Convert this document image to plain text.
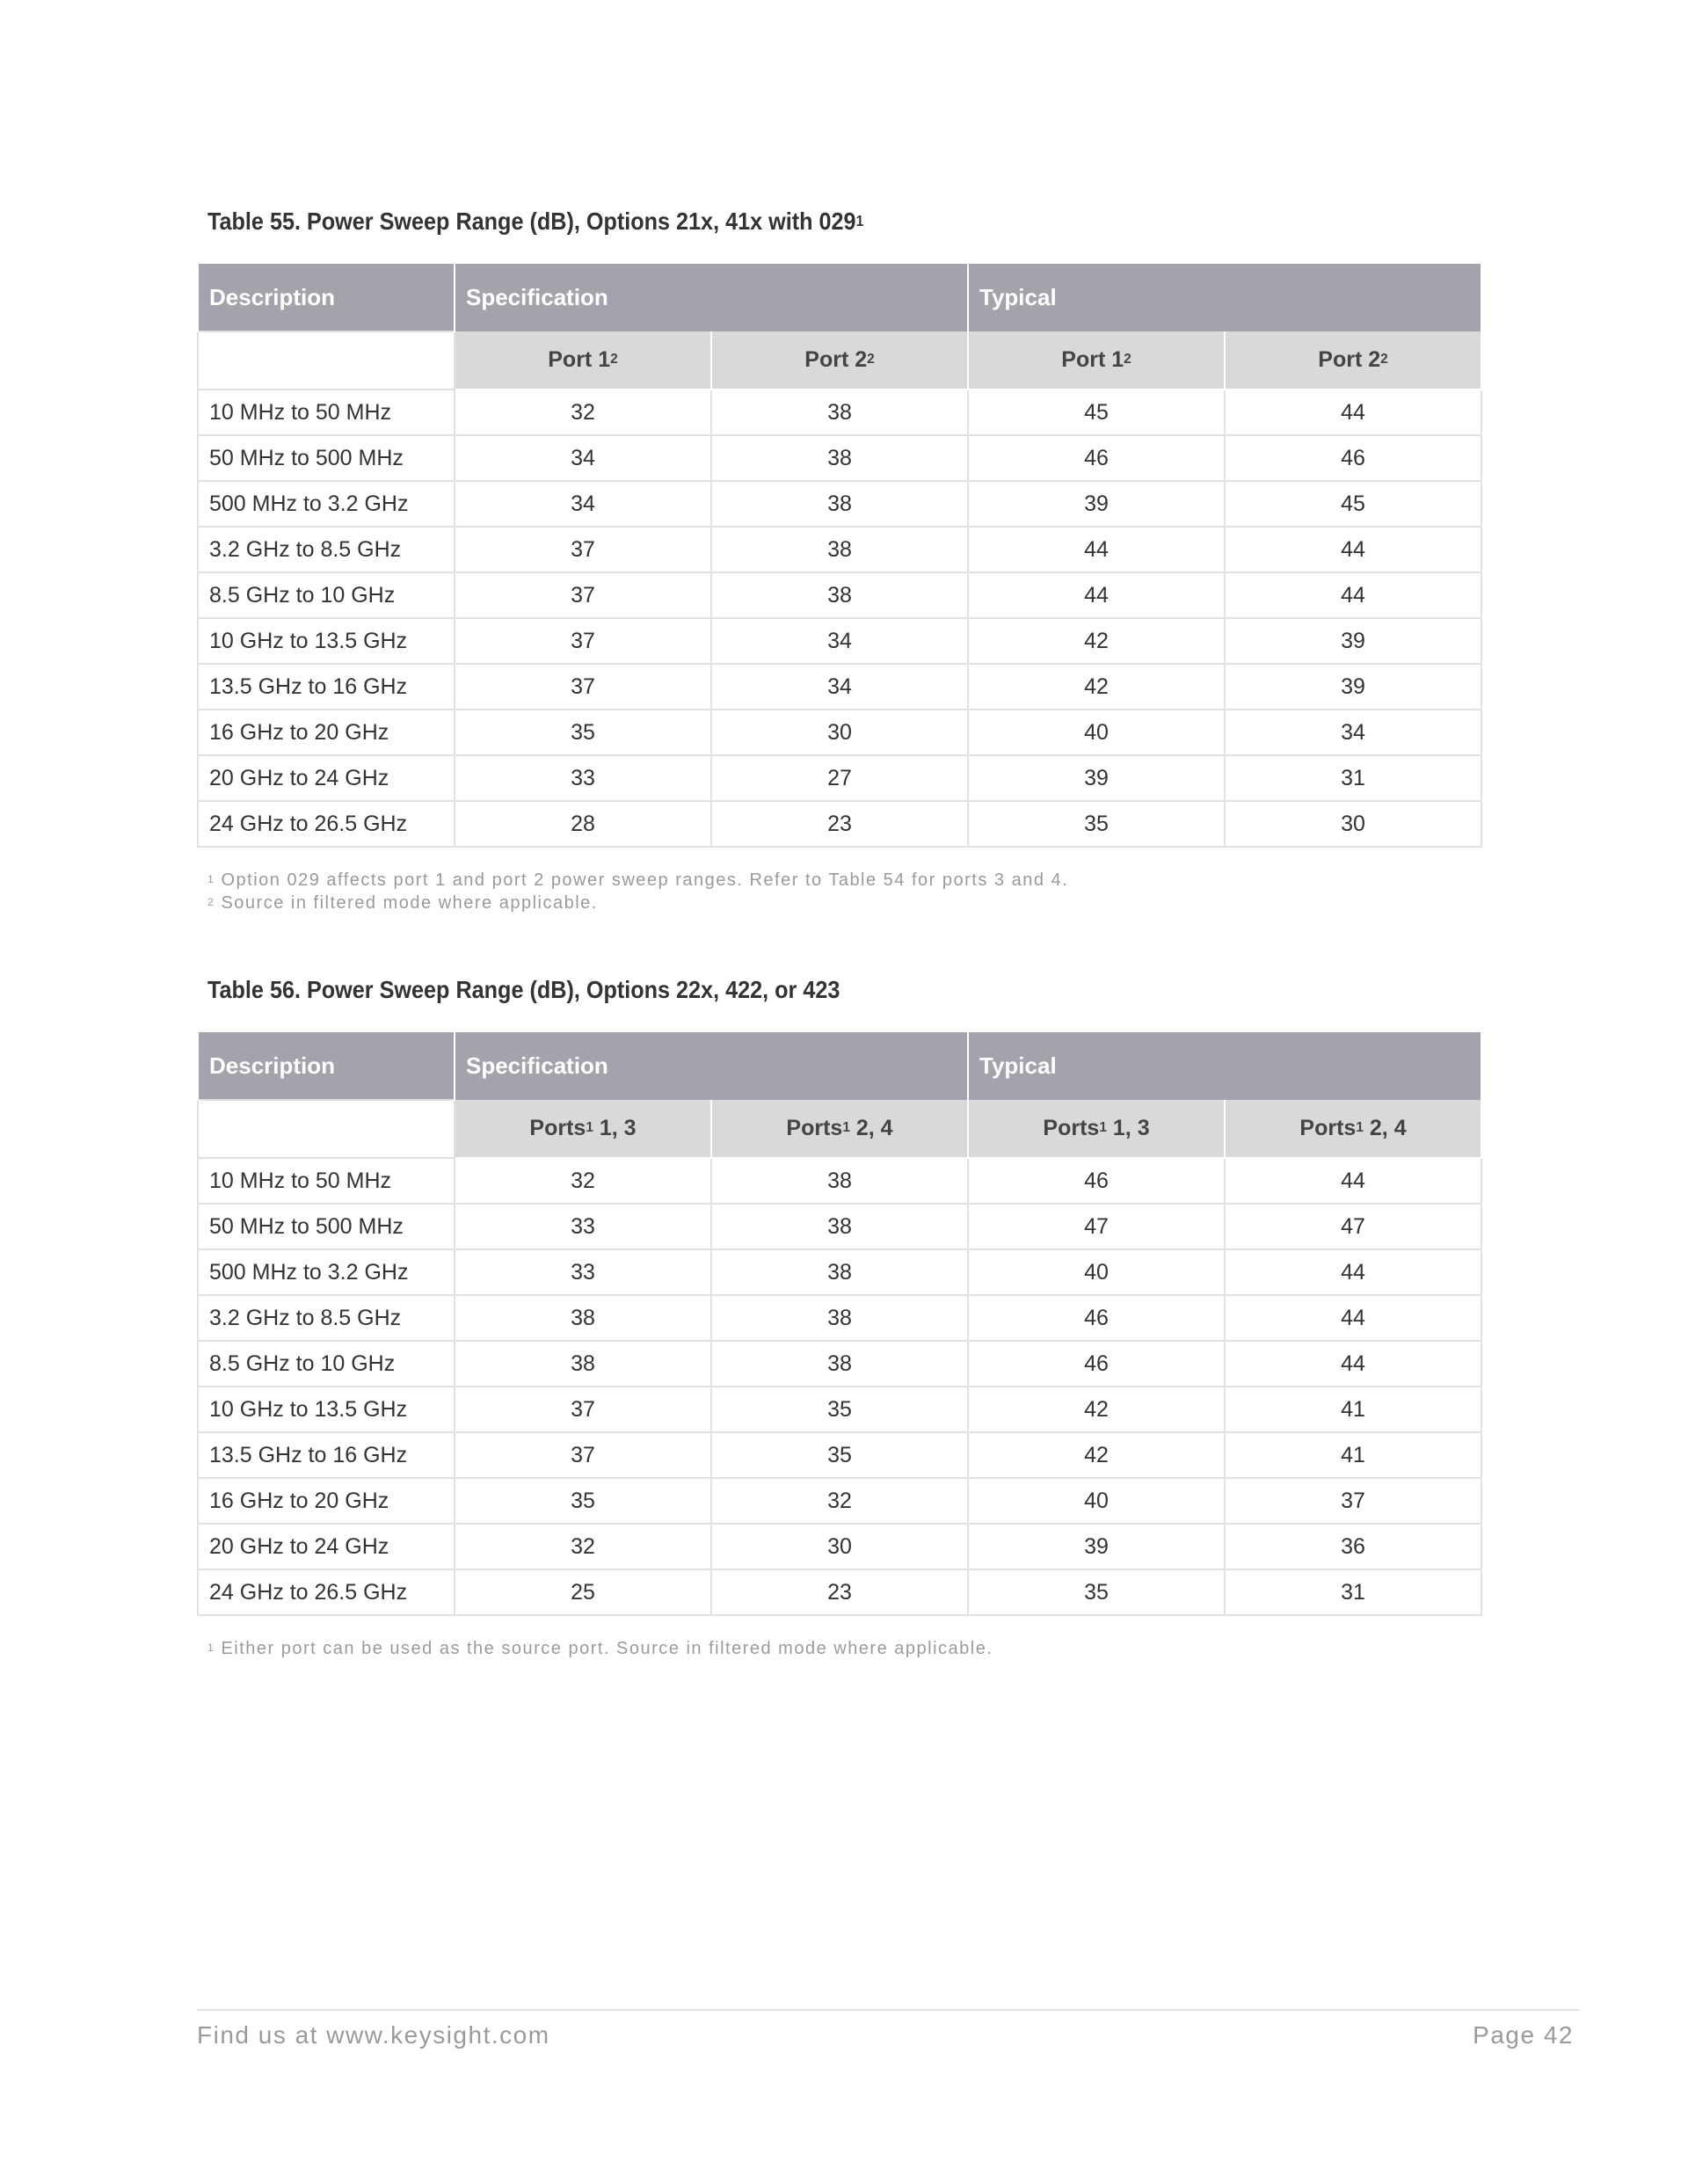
Table 55. Power Sweep Range (dB), Options 21x, 41x with $029^1$
Description	Specification		Typical	
	Port $1^2$	Port $2^2$	Port $1^2$	Port $2^2$
10 MHz to 50 MHz	32	38	45	44
50 MHz to 500 MHz	34	38	46	46
500 MHz to 3.2 GHz	34	38	39	45
3.2 GHz to 8.5 GHz	37	38	44	44
8.5 GHz to 10 GHz	37	38	44	44
10 GHz to 13.5 GHz	37	34	42	39
13.5 GHz to 16 GHz	37	34	42	39
16 GHz to 20 GHz	35	30	40	34
20 GHz to 24 GHz	33	27	39	31
24 GHz to 26.5 GHz	28	23	35	30
$^1$ Option 029 affects port 1 and port 2 power sweep ranges. Refer to Table 54 for ports 3 and 4.
$^2$ Source in filtered mode where applicable.
Table 56. Power Sweep Range (dB), Options 22x, 422, or 423
Description	Specification		Typical	
	Ports$^1$ 1, 3	Ports$^1$ 2, 4	Ports$^1$ 1, 3	Ports$^1$ 2, 4
10 MHz to 50 MHz	32	38	46	44
50 MHz to 500 MHz	33	38	47	47
500 MHz to 3.2 GHz	33	38	40	44
3.2 GHz to 8.5 GHz	38	38	46	44
8.5 GHz to 10 GHz	38	38	46	44
10 GHz to 13.5 GHz	37	35	42	41
13.5 GHz to 16 GHz	37	35	42	41
16 GHz to 20 GHz	35	32	40	37
20 GHz to 24 GHz	32	30	39	36
24 GHz to 26.5 GHz	25	23	35	31
$^1$ Either port can be used as the source port. Source in filtered mode where applicable.
Find us at www.keysight.com	Page 42
